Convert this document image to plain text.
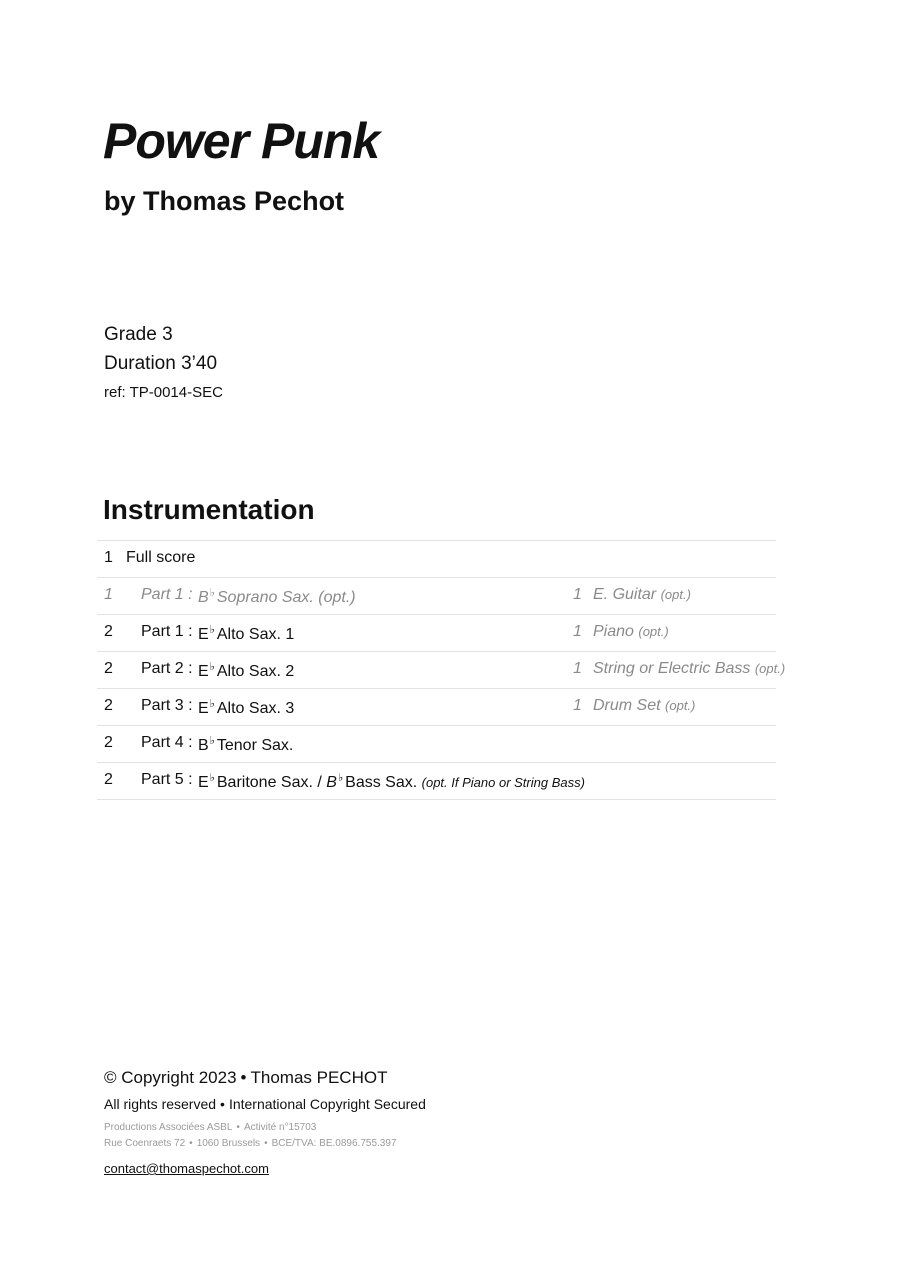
Power Punk
by Thomas Pechot
Grade 3
Duration 3’40
ref: TP-0014-SEC
Instrumentation
1 Full score
1 Part 1 : B♭ Soprano Sax. (opt.)	1 E. Guitar (opt.)
2 Part 1 : E♭ Alto Sax. 1	1 Piano (opt.)
2 Part 2 : E♭ Alto Sax. 2	1 String or Electric Bass (opt.)
2 Part 3 : E♭ Alto Sax. 3	1 Drum Set (opt.)
2 Part 4 : B♭ Tenor Sax.
2 Part 5 : E♭ Baritone Sax. / B♭ Bass Sax. (opt. If Piano or String Bass)

© Copyright 2023 • Thomas PECHOT

All rights reserved • International Copyright Secured

Productions Associées ASBL • Activité n°15703

Rue Coenraets 72 • 1060 Brussels • BCE/TVA: BE.0896.755.397

contact@thomaspechot.com
